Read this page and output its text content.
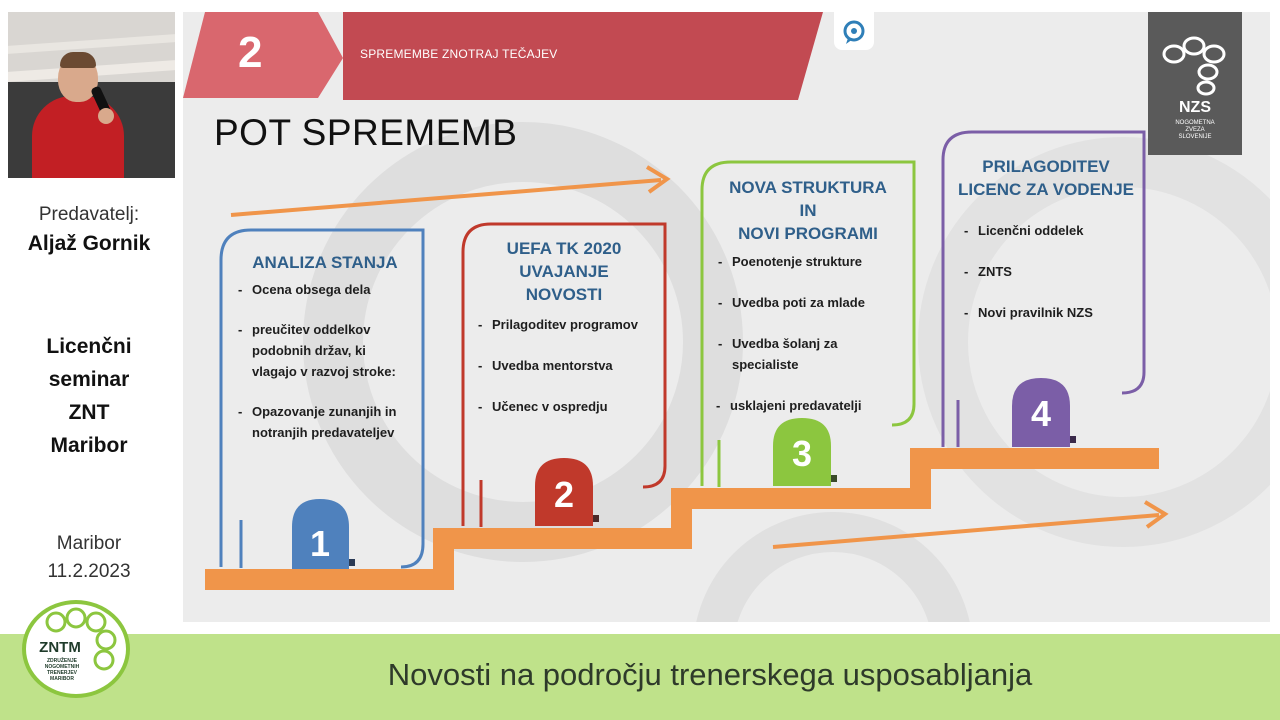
Predavatelj:
Aljaž Gornik
Licenčni
seminar
ZNT
Maribor
Maribor
11.2.2023
Novosti na področju trenerskega usposabljanja
ZNTM
ZDRUŽENJE
NOGOMETNIH
TRENERJEV
MARIBOR
2	SPREMEMBE ZNOTRAJ TEČAJEV
POT SPREMEMB
NZS
NOGOMETNA
ZVEZA
SLOVENIJE
ANALIZA STANJA
- Ocena obsega dela
- preučitev oddelkov
podobnih držav, ki
vlagajo v razvoj stroke:
- Opazovanje zunanjih in
notranjih predavateljev
1
UEFA TK 2020
UVAJANJE
NOVOSTI
- Prilagoditev programov
- Uvedba mentorstva
- Učenec v ospredju
2
NOVA STRUKTURA
IN
NOVI PROGRAMI
- Poenotenje strukture
- Uvedba poti za mlade
- Uvedba šolanj za
specialiste
- usklajeni predavatelji
3
PRILAGODITEV
LICENC ZA VODENJE
- Licenčni oddelek
- ZNTS
- Novi pravilnik NZS
4
